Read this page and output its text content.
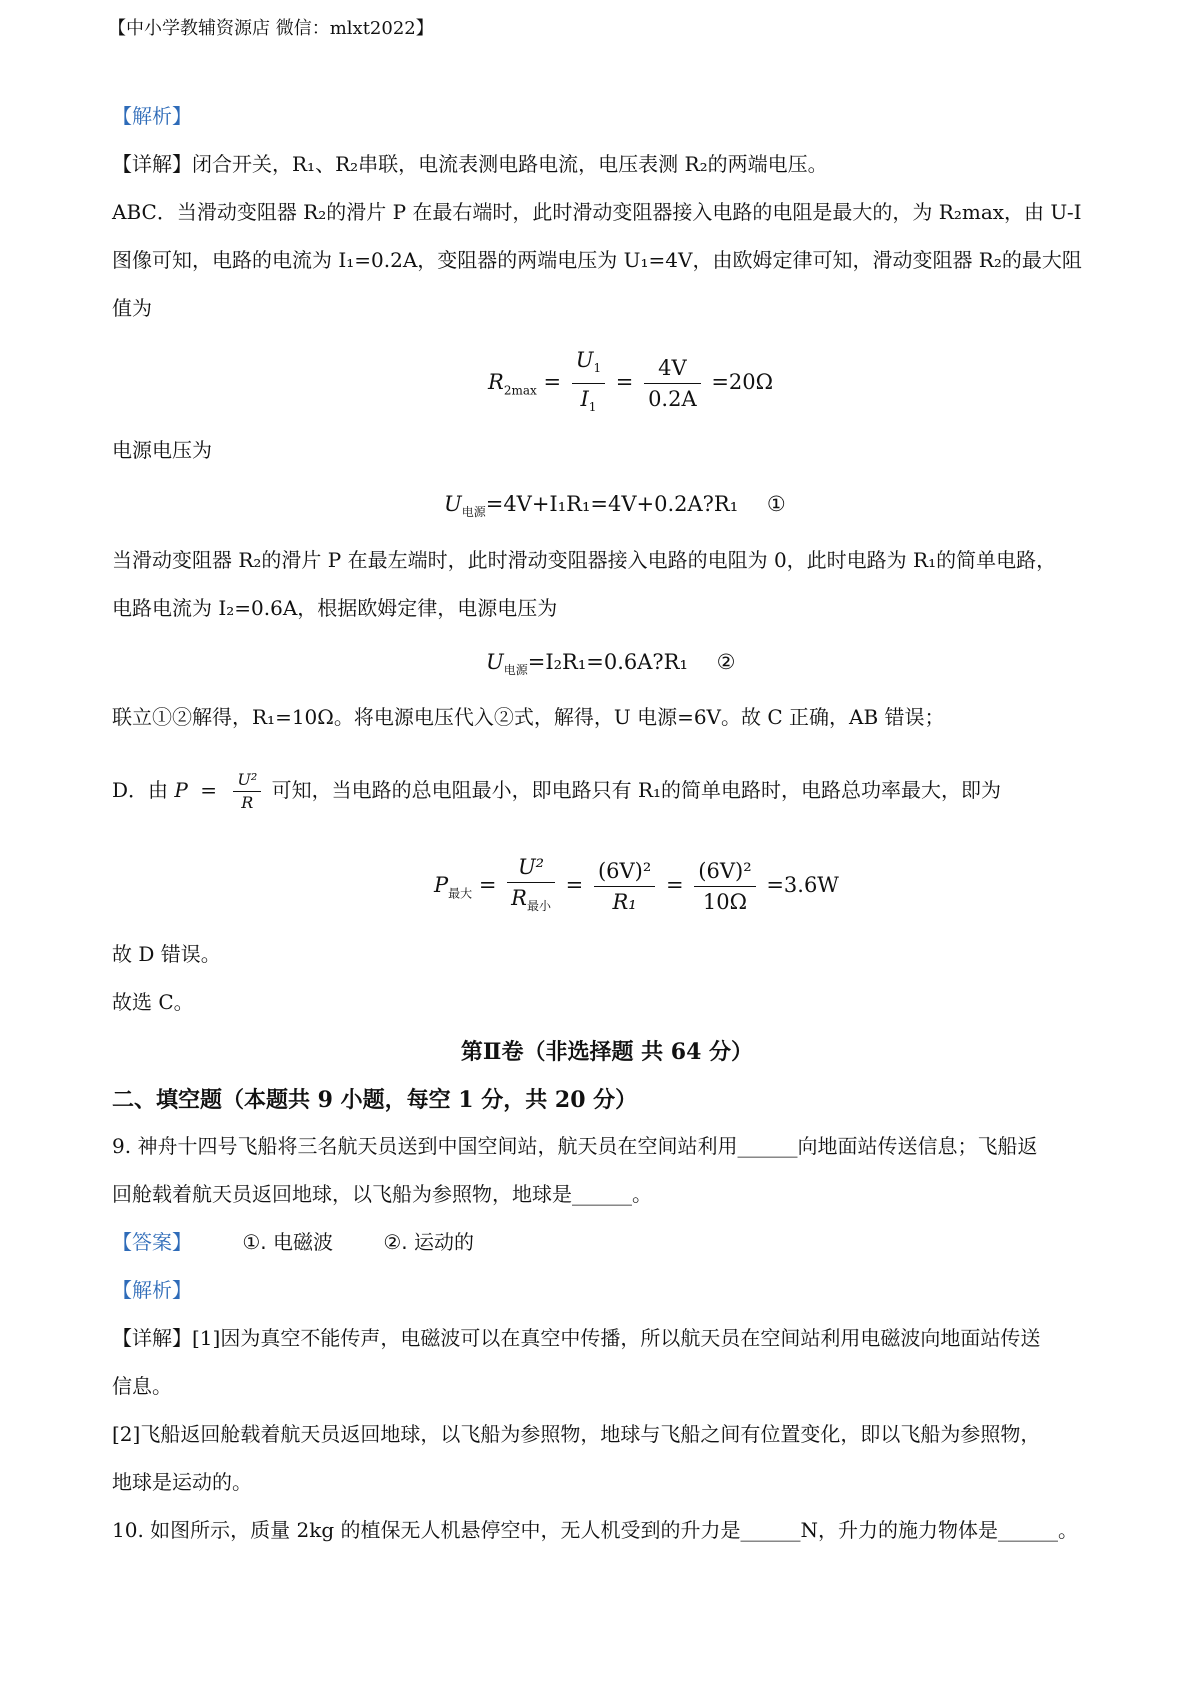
【中小学教辅资源店 微信：mlxt2022】
【解析】
【详解】闭合开关，R₁、R₂串联，电流表测电路电流，电压表测 R₂的两端电压。
ABC．当滑动变阻器 R₂的滑片 P 在最右端时，此时滑动变阻器接入电路的电阻是最大的，为 R₂max，由 U-I
图像可知，电路的电流为 I₁=0.2A，变阻器的两端电压为 U₁=4V，由欧姆定律可知，滑动变阻器 R₂的最大阻
值为
$R_{2max} = \frac{U_1}{I_1} = \frac{4V}{0.2A} =20\Omega$
电源电压为
$U_{电源}=4V+I_1R_1=4V+0.2A?R_1$ ①
当滑动变阻器 R₂的滑片 P 在最左端时，此时滑动变阻器接入电路的电阻为 0，此时电路为 R₁的简单电路，
电路电流为 I₂=0.6A，根据欧姆定律，电源电压为
$U_{电源}=I_2R_1=0.6A?R_1$ ②
联立①②解得，R₁=10Ω。将电源电压代入②式，解得，U 电源=6V。故 C 正确，AB 错误；
D．由 $P = \frac{\text{U²}}{R}$ 可知，当电路的总电阻最小，即电路只有 R₁的简单电路时，电路总功率最大，即为
$P_{最大} = \frac{\text{U²}}{R_{最小}} = \frac{\text{(6V)²}}{\text{R₁}} = \frac{\text{(6V)²}}{10\Omega} =3.6W$
故 D 错误。
故选 C。
第Ⅱ卷（非选择题 共 64 分）
二、填空题（本题共 9 小题，每空 1 分，共 20 分）
9. 神舟十四号飞船将三名航天员送到中国空间站，航天员在空间站利用______向地面站传送信息；飞船返
回舱载着航天员返回地球，以飞船为参照物，地球是______。
【答案】	①. 电磁波	②. 运动的
【解析】
【详解】[1]因为真空不能传声，电磁波可以在真空中传播，所以航天员在空间站利用电磁波向地面站传送
信息。
[2]飞船返回舱载着航天员返回地球，以飞船为参照物，地球与飞船之间有位置变化，即以飞船为参照物，
地球是运动的。
10. 如图所示，质量 2kg 的植保无人机悬停空中，无人机受到的升力是______N，升力的施力物体是______。
